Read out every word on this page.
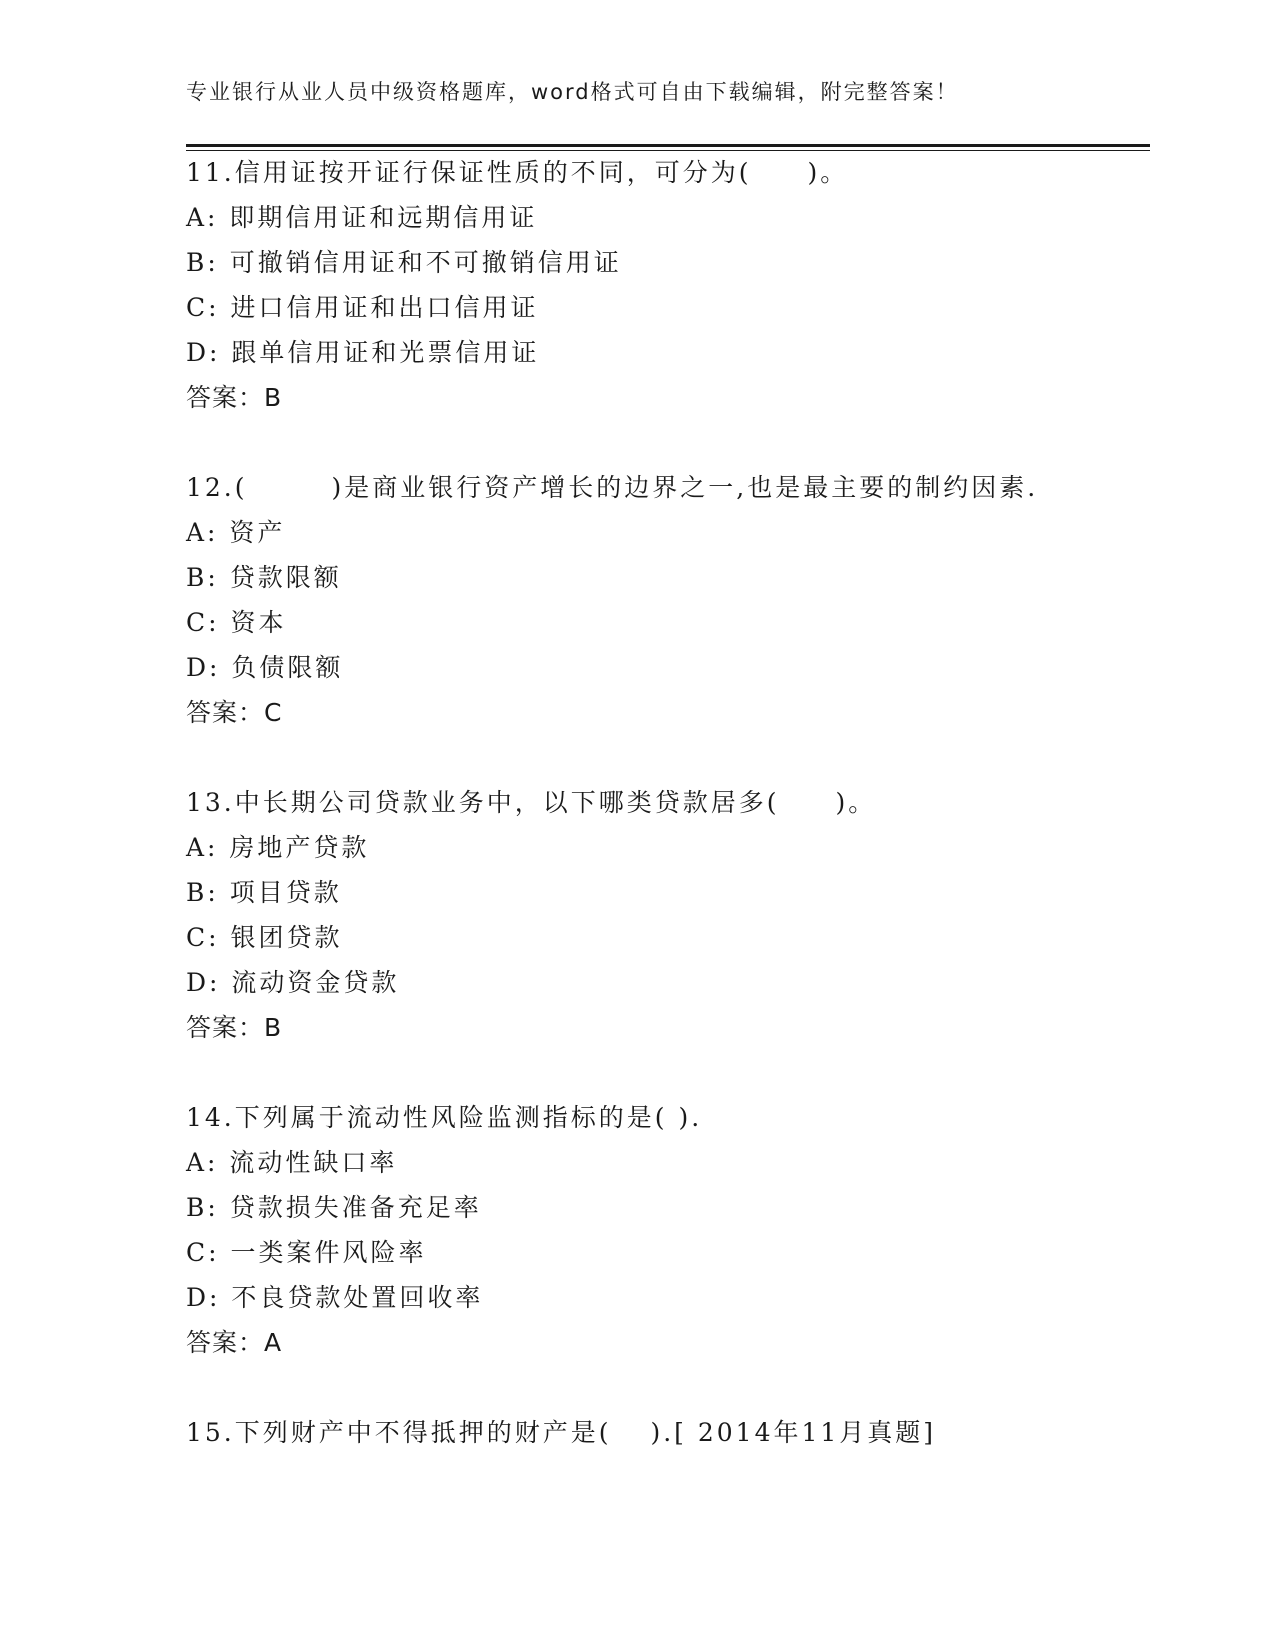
专业银行从业人员中级资格题库，word格式可自由下载编辑，附完整答案！
11.信用证按开证行保证性质的不同，可分为(　　)。
A: 即期信用证和远期信用证
B: 可撤销信用证和不可撤销信用证
C: 进口信用证和出口信用证
D: 跟单信用证和光票信用证
答案：B
12.(　　　)是商业银行资产增长的边界之一,也是最主要的制约因素.
A: 资产
B: 贷款限额
C: 资本
D: 负债限额
答案：C
13.中长期公司贷款业务中，以下哪类贷款居多(　　)。
A: 房地产贷款
B: 项目贷款
C: 银团贷款
D: 流动资金贷款
答案：B
14.下列属于流动性风险监测指标的是( ).
A: 流动性缺口率
B: 贷款损失准备充足率
C: 一类案件风险率
D: 不良贷款处置回收率
答案：A
15.下列财产中不得抵押的财产是(　 ).[ 2014年11月真题]
